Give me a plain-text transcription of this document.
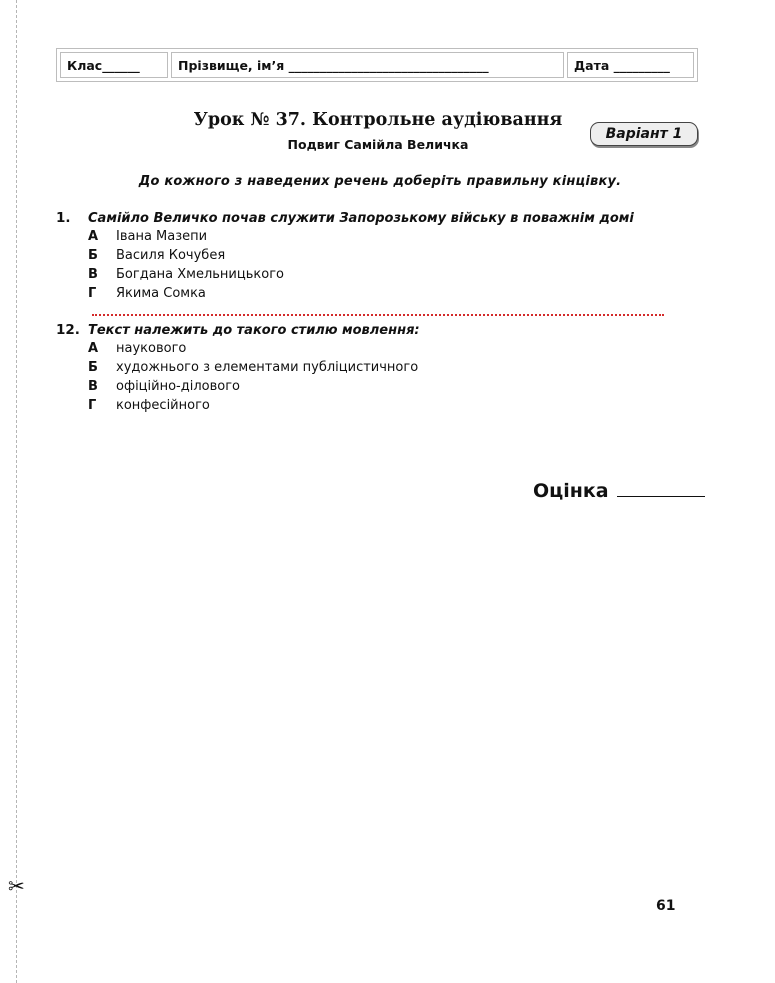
✂
Клас______	Прізвище, ім’я ________________________________	Дата _________
Урок № 37. Контрольне аудіювання
Подвиг Самійла Величка
Варіант 1
До кожного з наведених речень доберіть правильну кінцівку.
1.	Самійло Величко почав служити Запорозькому війську в поважнім домі
А	Івана Мазепи
Б	Василя Кочубея
В	Богдана Хмельницького
Г	Якима Сомка
12. Текст належить до такого стилю мовлення:
А	наукового
Б	художнього з елементами публіцистичного
В	офіційно-ділового
Г	конфесійного
Оцінка
61
